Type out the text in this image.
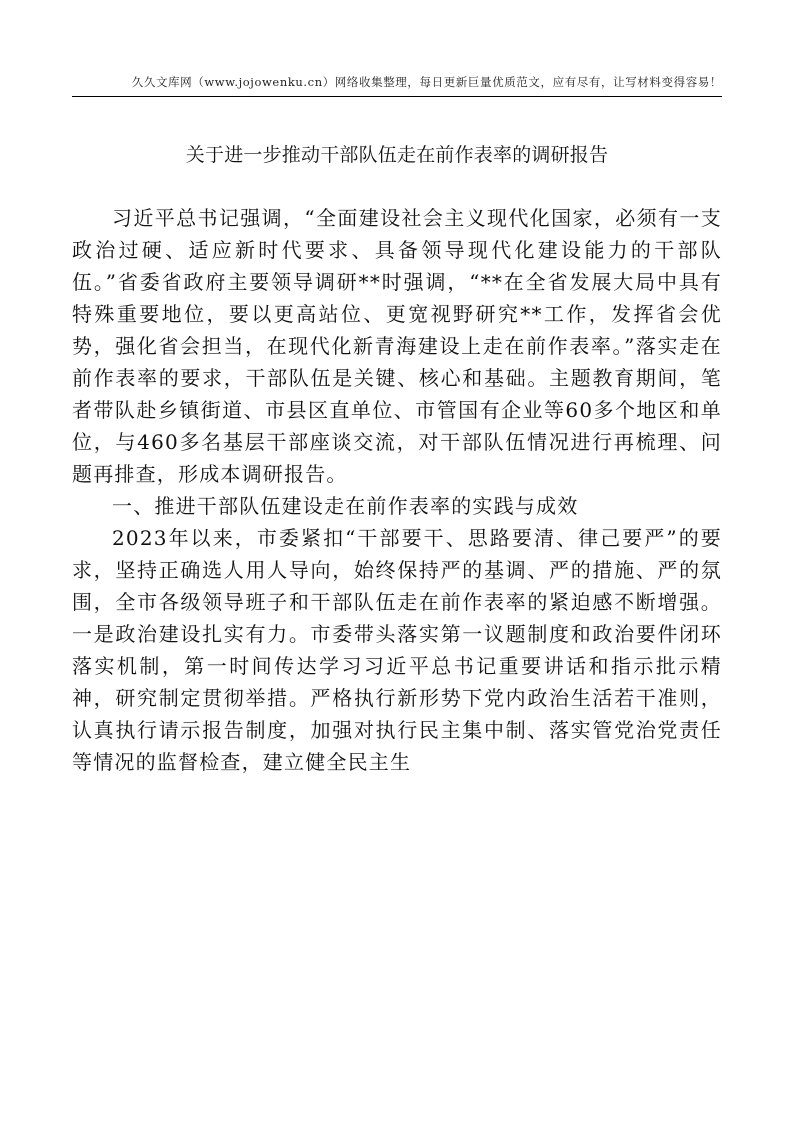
久久文库网（www.jojowenku.cn）网络收集整理，每日更新巨量优质范文，应有尽有，让写材料变得容易！
关于进一步推动干部队伍走在前作表率的调研报告

习近平总书记强调，“全面建设社会主义现代化国家，必须有一支政治过硬、适应新时代要求、具备领导现代化建设能力的干部队伍。”省委省政府主要领导调研**时强调，“**在全省发展大局中具有特殊重要地位，要以更高站位、更宽视野研究**工作，发挥省会优势，强化省会担当，在现代化新青海建设上走在前作表率。”落实走在前作表率的要求，干部队伍是关键、核心和基础。主题教育期间，笔者带队赴乡镇街道、市县区直单位、市管国有企业等60多个地区和单位，与460多名基层干部座谈交流，对干部队伍情况进行再梳理、问题再排查，形成本调研报告。

一、推进干部队伍建设走在前作表率的实践与成效

2023年以来，市委紧扣“干部要干、思路要清、律己要严”的要求，坚持正确选人用人导向，始终保持严的基调、严的措施、严的氛围，全市各级领导班子和干部队伍走在前作表率的紧迫感不断增强。一是政治建设扎实有力。市委带头落实第一议题制度和政治要件闭环落实机制，第一时间传达学习习近平总书记重要讲话和指示批示精神，研究制定贯彻举措。严格执行新形势下党内政治生活若干准则，认真执行请示报告制度，加强对执行民主集中制、落实管党治党责任等情况的监督检查，建立健全民主生
